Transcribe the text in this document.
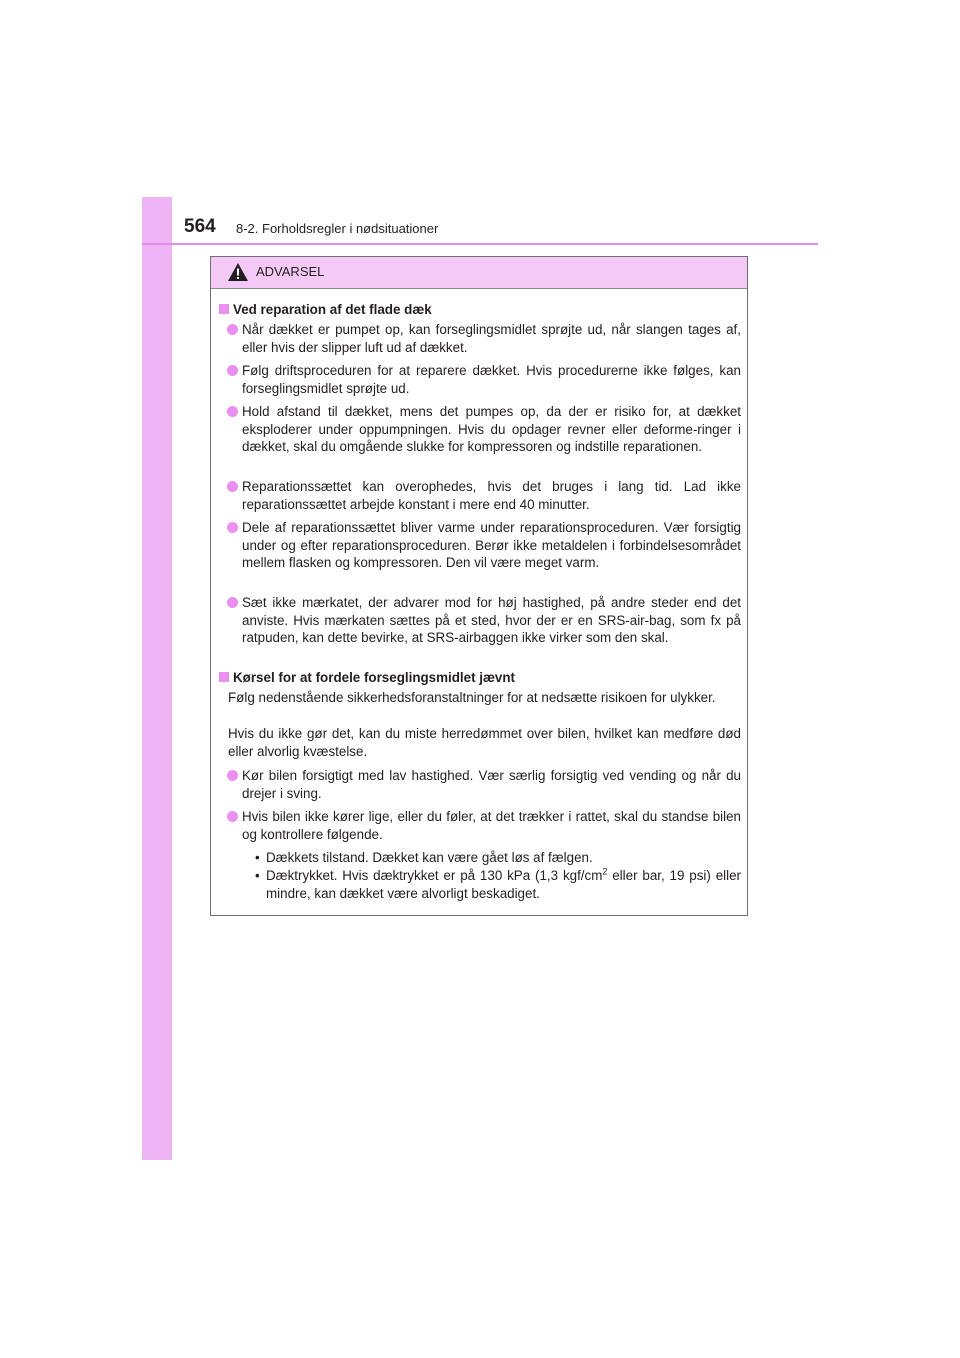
564 8-2. Forholdsregler i nødsituationer
ADVARSEL
Ved reparation af det flade dæk
Når dækket er pumpet op, kan forseglingsmidlet sprøjte ud, når slangen tages af, eller hvis der slipper luft ud af dækket.
Følg driftsproceduren for at reparere dækket. Hvis procedurerne ikke følges, kan forseglingsmidlet sprøjte ud.
Hold afstand til dækket, mens det pumpes op, da der er risiko for, at dækket eksploderer under oppumpningen. Hvis du opdager revner eller deforme-ringer i dækket, skal du omgående slukke for kompressoren og indstille reparationen.
Reparationssættet kan overophedes, hvis det bruges i lang tid. Lad ikke reparationssættet arbejde konstant i mere end 40 minutter.
Dele af reparationssættet bliver varme under reparationsproceduren. Vær forsigtig under og efter reparationsproceduren. Berør ikke metaldelen i forbindelsesområdet mellem flasken og kompressoren. Den vil være meget varm.
Sæt ikke mærkatet, der advarer mod for høj hastighed, på andre steder end det anviste. Hvis mærkaten sættes på et sted, hvor der er en SRS-air-bag, som fx på ratpuden, kan dette bevirke, at SRS-airbaggen ikke virker som den skal.
Kørsel for at fordele forseglingsmidlet jævnt
Følg nedenstående sikkerhedsforanstaltninger for at nedsætte risikoen for ulykker.
Hvis du ikke gør det, kan du miste herredømmet over bilen, hvilket kan medføre død eller alvorlig kvæstelse.
Kør bilen forsigtigt med lav hastighed. Vær særlig forsigtig ved vending og når du drejer i sving.
Hvis bilen ikke kører lige, eller du føler, at det trækker i rattet, skal du standse bilen og kontrollere følgende.
• Dækkets tilstand. Dækket kan være gået løs af fælgen.
• Dæktrykket. Hvis dæktrykket er på 130 kPa (1,3 kgf/$cm^2$ eller bar, 19 psi) eller mindre, kan dækket være alvorligt beskadiget.
